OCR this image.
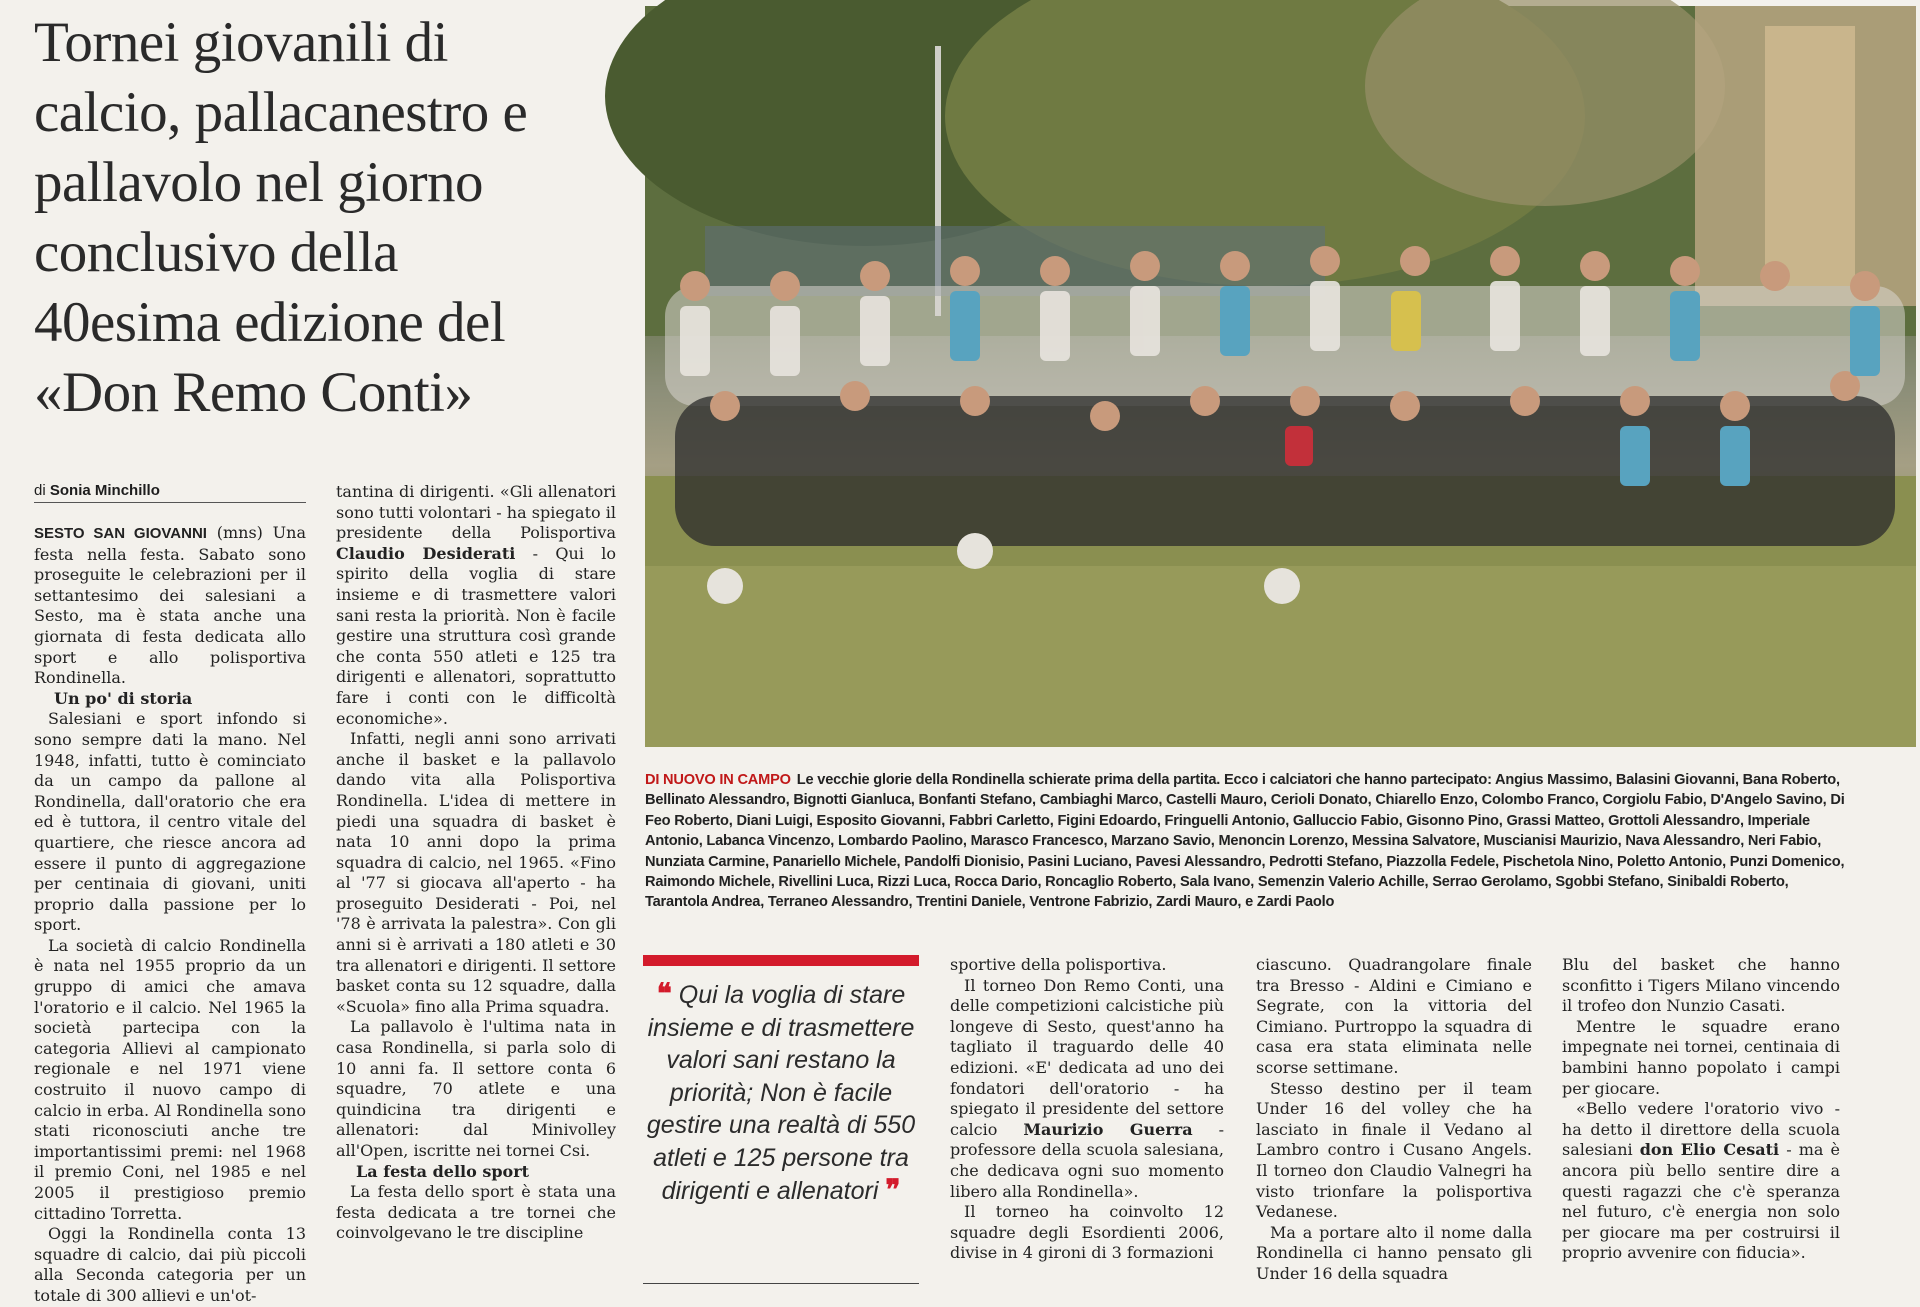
Tornei giovanili di calcio, pallacanestro e pallavolo nel giorno conclusivo della 40esima edizione del «Don Remo Conti»
di Sonia Minchillo

SESTO SAN GIOVANNI (mns) Una festa nella festa. Sabato sono proseguite le celebrazioni per il settantesimo dei salesiani a Sesto, ma è stata anche una giornata di festa dedicata allo sport e allo polisportiva Rondinella.

Un po' di storia

Salesiani e sport infondo si sono sempre dati la mano. Nel 1948, infatti, tutto è cominciato da un campo da pallone al Rondinella, dall'oratorio che era ed è tuttora, il centro vitale del quartiere, che riesce ancora ad essere il punto di aggregazione per centinaia di giovani, uniti proprio dalla passione per lo sport.

La società di calcio Rondinella è nata nel 1955 proprio da un gruppo di amici che amava l'oratorio e il calcio. Nel 1965 la società partecipa con la categoria Allievi al campionato regionale e nel 1971 viene costruito il nuovo campo di calcio in erba. Al Rondinella sono stati riconosciuti anche tre importantissimi premi: nel 1968 il premio Coni, nel 1985 e nel 2005 il prestigioso premio cittadino Torretta.

Oggi la Rondinella conta 13 squadre di calcio, dai più piccoli alla Seconda categoria per un totale di 300 allievi e un'ot-

tantina di dirigenti. «Gli allenatori sono tutti volontari - ha spiegato il presidente della Polisportiva Claudio Desiderati - Qui lo spirito della voglia di stare insieme e di trasmettere valori sani resta la priorità. Non è facile gestire una struttura così grande che conta 550 atleti e 125 tra dirigenti e allenatori, soprattutto fare i conti con le difficoltà economiche».

Infatti, negli anni sono arrivati anche il basket e la pallavolo dando vita alla Polisportiva Rondinella. L'idea di mettere in piedi una squadra di basket è nata 10 anni dopo la prima squadra di calcio, nel 1965. «Fino al '77 si giocava all'aperto - ha proseguito Desiderati - Poi, nel '78 è arrivata la palestra». Con gli anni si è arrivati a 180 atleti e 30 tra allenatori e dirigenti. Il settore basket conta su 12 squadre, dalla «Scuola» fino alla Prima squadra.

La pallavolo è l'ultima nata in casa Rondinella, si parla solo di 10 anni fa. Il settore conta 6 squadre, 70 atlete e una quindicina tra dirigenti e allenatori: dal Minivolley all'Open, iscritte nei tornei Csi.

La festa dello sport

La festa dello sport è stata una festa dedicata a tre tornei che coinvolgevano le tre discipline

DI NUOVO IN CAMPO Le vecchie glorie della Rondinella schierate prima della partita. Ecco i calciatori che hanno partecipato: Angius Massimo, Balasini Giovanni, Bana Roberto, Bellinato Alessandro, Bignotti Gianluca, Bonfanti Stefano, Cambiaghi Marco, Castelli Mauro, Cerioli Donato, Chiarello Enzo, Colombo Franco, Corgiolu Fabio, D'Angelo Savino, Di Feo Roberto, Diani Luigi, Esposito Giovanni, Fabbri Carletto, Figini Edoardo, Fringuelli Antonio, Galluccio Fabio, Gisonno Pino, Grassi Matteo, Grottoli Alessandro, Imperiale Antonio, Labanca Vincenzo, Lombardo Paolino, Marasco Francesco, Marzano Savio, Menoncin Lorenzo, Messina Salvatore, Muscianisi Maurizio, Nava Alessandro, Neri Fabio, Nunziata Carmine, Panariello Michele, Pandolfi Dionisio, Pasini Luciano, Pavesi Alessandro, Pedrotti Stefano, Piazzolla Fedele, Pischetola Nino, Poletto Antonio, Punzi Domenico, Raimondo Michele, Rivellini Luca, Rizzi Luca, Rocca Dario, Roncaglio Roberto, Sala Ivano, Semenzin Valerio Achille, Serrao Gerolamo, Sgobbi Stefano, Sinibaldi Roberto, Tarantola Andrea, Terraneo Alessandro, Trentini Daniele, Ventrone Fabrizio, Zardi Mauro, e Zardi Paolo
❝ Qui la voglia di stare insieme e di trasmettere valori sani restano la priorità; Non è facile gestire una realtà di 550 atleti e 125 persone tra dirigenti e allenatori ❞

sportive della polisportiva.

Il torneo Don Remo Conti, una delle competizioni calcistiche più longeve di Sesto, quest'anno ha tagliato il traguardo delle 40 edizioni. «E' dedicata ad uno dei fondatori dell'oratorio - ha spiegato il presidente del settore calcio Maurizio Guerra - professore della scuola salesiana, che dedicava ogni suo momento libero alla Rondinella».

Il torneo ha coinvolto 12 squadre degli Esordienti 2006, divise in 4 gironi di 3 formazioni

ciascuno. Quadrangolare finale tra Bresso - Aldini e Cimiano e Segrate, con la vittoria del Cimiano. Purtroppo la squadra di casa era stata eliminata nelle scorse settimane.

Stesso destino per il team Under 16 del volley che ha lasciato in finale il Vedano al Lambro contro i Cusano Angels. Il torneo don Claudio Valnegri ha visto trionfare la polisportiva Vedanese.

Ma a portare alto il nome dalla Rondinella ci hanno pensato gli Under 16 della squadra

Blu del basket che hanno sconfitto i Tigers Milano vincendo il trofeo don Nunzio Casati.

Mentre le squadre erano impegnate nei tornei, centinaia di bambini hanno popolato i campi per giocare.

«Bello vedere l'oratorio vivo - ha detto il direttore della scuola salesiani don Elio Cesati - ma è ancora più bello sentire dire a questi ragazzi che c'è speranza nel futuro, c'è energia non solo per giocare ma per costruirsi il proprio avvenire con fiducia».
